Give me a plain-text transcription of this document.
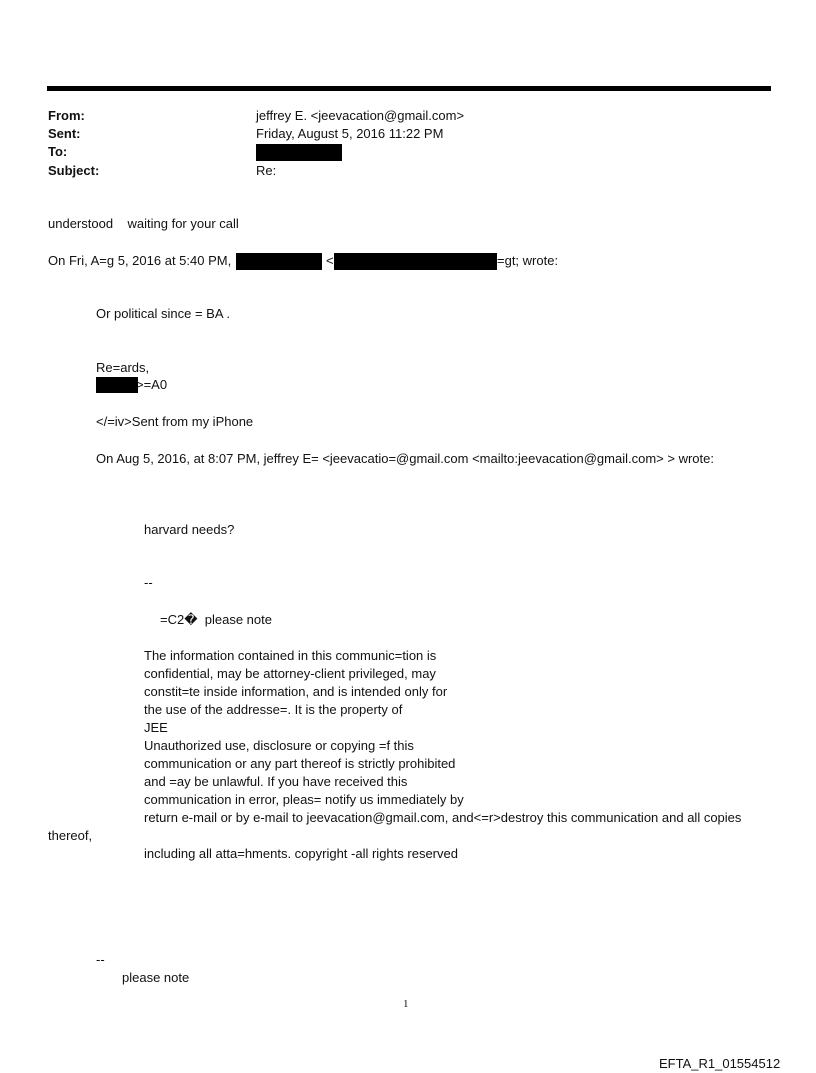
From:	jeffrey E. <jeevacation@gmail.com>
Sent:	Friday, August 5, 2016 11:22 PM
To:
Subject:	Re:
understood    waiting for your call
On Fri, A=g 5, 2016 at 5:40 PM,	<	=gt; wrote:
Or political since = BA .
Re=ards,
>=A0
</=iv>Sent from my iPhone
On Aug 5, 2016, at 8:07 PM, jeffrey E= <jeevacatio=@gmail.com <mailto:jeevacation@gmail.com> > wrote:
harvard needs?
--
=C2�  please note
The information contained in this communic=tion is
confidential, may be attorney-client privileged, may
constit=te inside information, and is intended only for
the use of the addresse=. It is the property of
JEE
Unauthorized use, disclosure or copying =f this
communication or any part thereof is strictly prohibited
and =ay be unlawful. If you have received this
communication in error, pleas= notify us immediately by
return e-mail or by e-mail to jeevacation@gmail.com, and<=r>destroy this communication and all copies
thereof,
including all atta=hments. copyright -all rights reserved
--
please note
1
EFTA_R1_01554512
